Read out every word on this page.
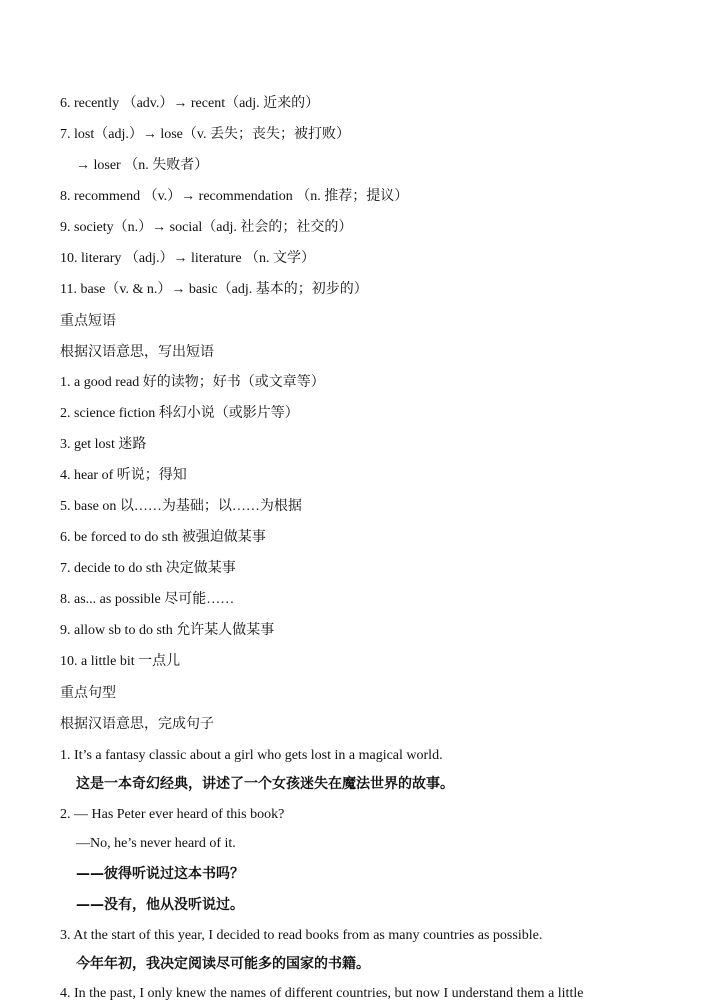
6. recently （adv.）→ recent（adj. 近来的）
7. lost（adj.）→ lose（v. 丢失；丧失；被打败）
→ loser （n. 失败者）
8. recommend （v.）→ recommendation （n. 推荐；提议）
9. society（n.）→ social（adj. 社会的；社交的）
10. literary （adj.）→ literature （n. 文学）
11. base（v. & n.）→ basic（adj. 基本的；初步的）
重点短语
根据汉语意思，写出短语
1. a good read 好的读物；好书（或文章等）
2. science fiction 科幻小说（或影片等）
3. get lost 迷路
4. hear of 听说；得知
5. base on 以……为基础；以……为根据
6. be forced to do sth 被强迫做某事
7. decide to do sth 决定做某事
8. as... as possible 尽可能……
9. allow sb to do sth 允许某人做某事
10. a little bit 一点儿
重点句型
根据汉语意思，完成句子
1. It’s a fantasy classic about a girl who gets lost in a magical world.
这是一本奇幻经典，讲述了一个女孩迷失在魔法世界的故事。
2. — Has Peter ever heard of this book?
—No, he’s never heard of it.
——彼得听说过这本书吗？
——没有，他从没听说过。
3. At the start of this year, I decided to read books from as many countries as possible.
今年年初，我决定阅读尽可能多的国家的书籍。
4. In the past, I only knew the names of different countries, but now I understand them a little
